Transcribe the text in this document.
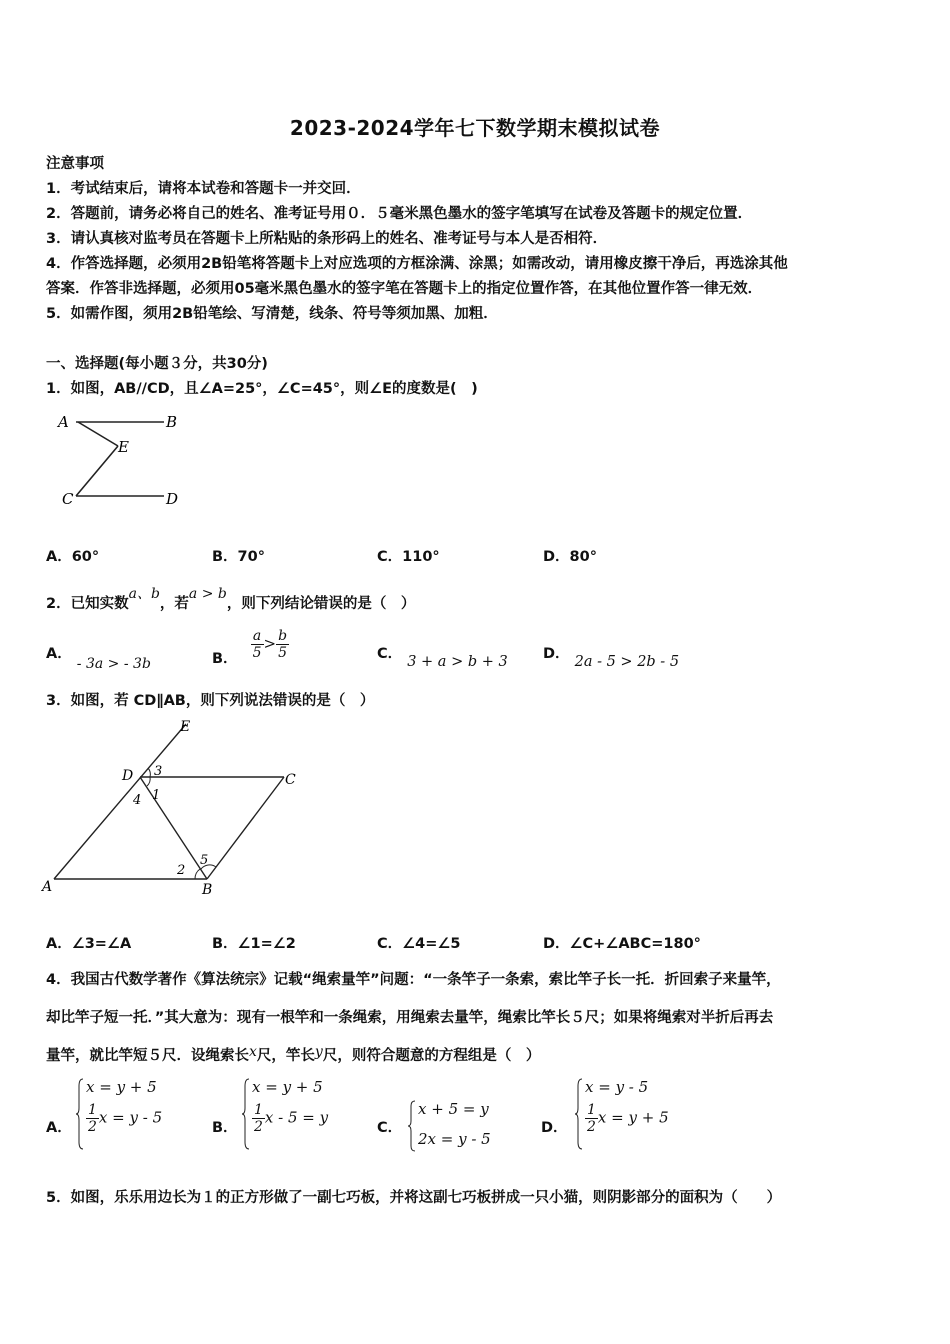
2023-2024学年七下数学期末模拟试卷
注意事项
1．考试结束后，请将本试卷和答题卡一并交回．
2．答题前，请务必将自己的姓名、准考证号用０．５毫米黑色墨水的签字笔填写在试卷及答题卡的规定位置．
3．请认真核对监考员在答题卡上所粘贴的条形码上的姓名、准考证号与本人是否相符．
4．作答选择题，必须用2B铅笔将答题卡上对应选项的方框涂满、涂黑；如需改动，请用橡皮擦干净后，再选涂其他
答案．作答非选择题，必须用05毫米黑色墨水的签字笔在答题卡上的指定位置作答，在其他位置作答一律无效．
5．如需作图，须用2B铅笔绘、写清楚，线条、符号等须加黑、加粗．
一、选择题(每小题３分，共30分)
1．如图，AB//CD，且∠A=25°，∠C=45°，则∠E的度数是(　)
A	B
E
C	D
A．60°	B．70°	C．110°	D．80°
2．已知实数a、b，若a > b，则下列结论错误的是（　）
A． - 3a > - 3b	B． $\frac{a}{5} > \frac{b}{5}$	C． 3 + a > b + 3 D． 2a - 5 > 2b - 5
3．如图，若 CD∥AB，则下列说法错误的是（　）
E
D 3
C
4 1
2
5
A	B
A．∠3=∠A	B．∠1=∠2	C．∠4=∠5	D．∠C+∠ABC=180°
4．我国古代数学著作《算法统宗》记载“绳索量竿”问题：“一条竿子一条索，索比竿子长一托．折回索子来量竿，
却比竿子短一托．”其大意为：现有一根竿和一条绳索，用绳索去量竿，绳索比竿长５尺；如果将绳索对半折后再去
量竿，就比竿短５尺．设绳索长x尺，竿长y尺，则符合题意的方程组是（　）
A．
x = y + 5
$\frac{1}{2}$ x = y - 5
B．
x = y + 5
$\frac{1}{2}$ x - 5 = y
C．
x + 5 = y
2x = y - 5
D．
x = y - 5
$\frac{1}{2}$ x = y + 5
5．如图，乐乐用边长为１的正方形做了一副七巧板，并将这副七巧板拼成一只小猫，则阴影部分的面积为（　　）
